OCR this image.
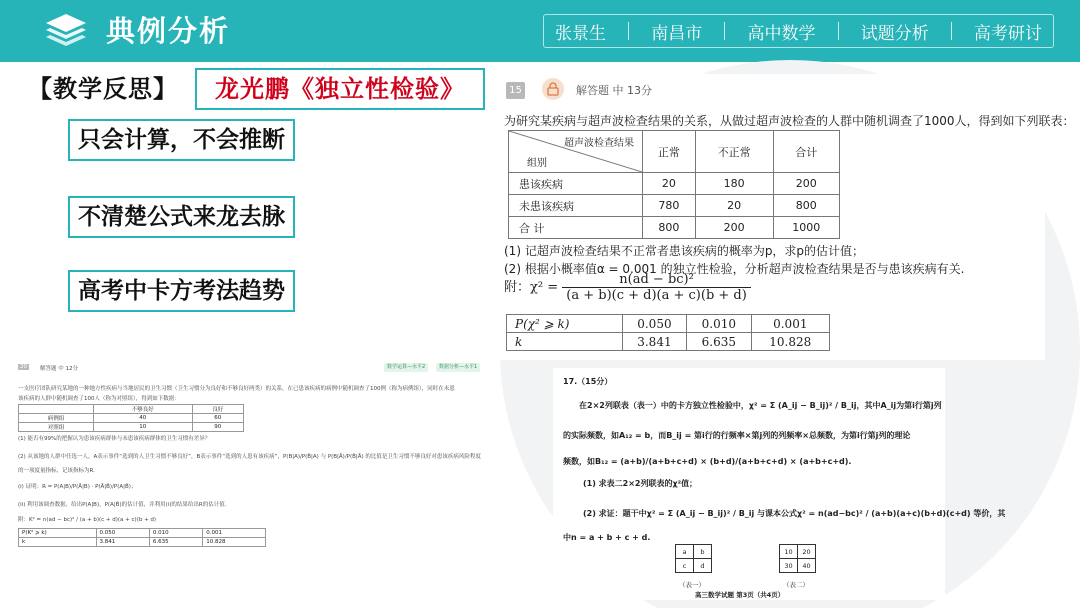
典例分析	张景生	南昌市	高中数学	试题分析	高考研讨
【教学反思】	龙光鹏《独立性检验》
只会计算，不会推断
不清楚公式来龙去脉
高考中卡方考法趋势
15	解答题 中 13分
为研究某疾病与超声波检查结果的关系，从做过超声波检查的人群中随机调查了1000人，得到如下列联表：
超声波检查结果
组别	正常	不正常	合计
患该疾病	20	180	200
未患该疾病	780	20	800
合 计	800	200	1000
(1) 记超声波检查结果不正常者患该疾病的概率为p，求p的估计值；
(2) 根据小概率值α = 0.001 的独立性检验，分析超声波检查结果是否与患该疾病有关.
附：$\chi^2 = \frac{\text{n(ad − bc)²}}{(a + b)(c + d)(a + c)(b + d)}$
P(χ² ⩾ k)	0.050	0.010	0.001
k	3.841	6.635	10.828
20	解答题 中 12分	数学运算—水平2	数据分析—水平1
一支医疗团队研究某地的一种地方性疾病与当地居民的卫生习惯（卫生习惯分为良好和不够良好两类）的关系，在已患该疾病的病例中随机调查了100例（称为病例组），同时在未患
该疾病的人群中随机调查了100人（称为对照组），得到如下数据：
	不够良好	良好
病例组	40	60
对照组	10	90
(1) 能否有99%的把握认为患该疾病群体与未患该疾病群体的卫生习惯有差异？
(2) 从该地的人群中任选一人，A表示事件“选到的人卫生习惯不够良好”，B表示事件“选到的人患有该疾病”，P(B|A)/P(B̄|A) 与 P(B|Ā)/P(B̄|Ā) 的比值是卫生习惯不够良好对患该疾病风险程度
的一项度量指标，记该指标为R.
(i) 证明：R = P(A|B)/P(Ā|B) · P(Ā|B̄)/P(A|B̄)；
(ii) 利用该调查数据，给出P(A|B)，P(A|B̄)的估计值，并利用(i)的结果给出R的估计值.
附：K² = n(ad − bc)² / (a + b)(c + d)(a + c)(b + d)
P(K² ⩾ k)	0.050	0.010	0.001
k	3.841	6.635	10.828
17.（15分）
在2×2列联表（表一）中的卡方独立性检验中，χ² = Σ (A_ij − B_ij)² / B_ij，其中A_ij为第i行第j列
的实际频数，如A₁₂ = b，而B_ij = 第i行的行频率×第j列的列频率×总频数，为第i行第j列的理论
频数，如B₁₂ = (a+b)/(a+b+c+d) × (b+d)/(a+b+c+d) × (a+b+c+d).
(1) 求表二2×2列联表的χ²值；
(2) 求证：题干中χ² = Σ (A_ij − B_ij)² / B_ij 与课本公式χ² = n(ad−bc)² / (a+b)(a+c)(b+d)(c+d) 等价，其
中n = a + b + c + d.
a	b
c	d
（表一）
10	20
30	40
（表二）
高三数学试题 第3页（共4页）
